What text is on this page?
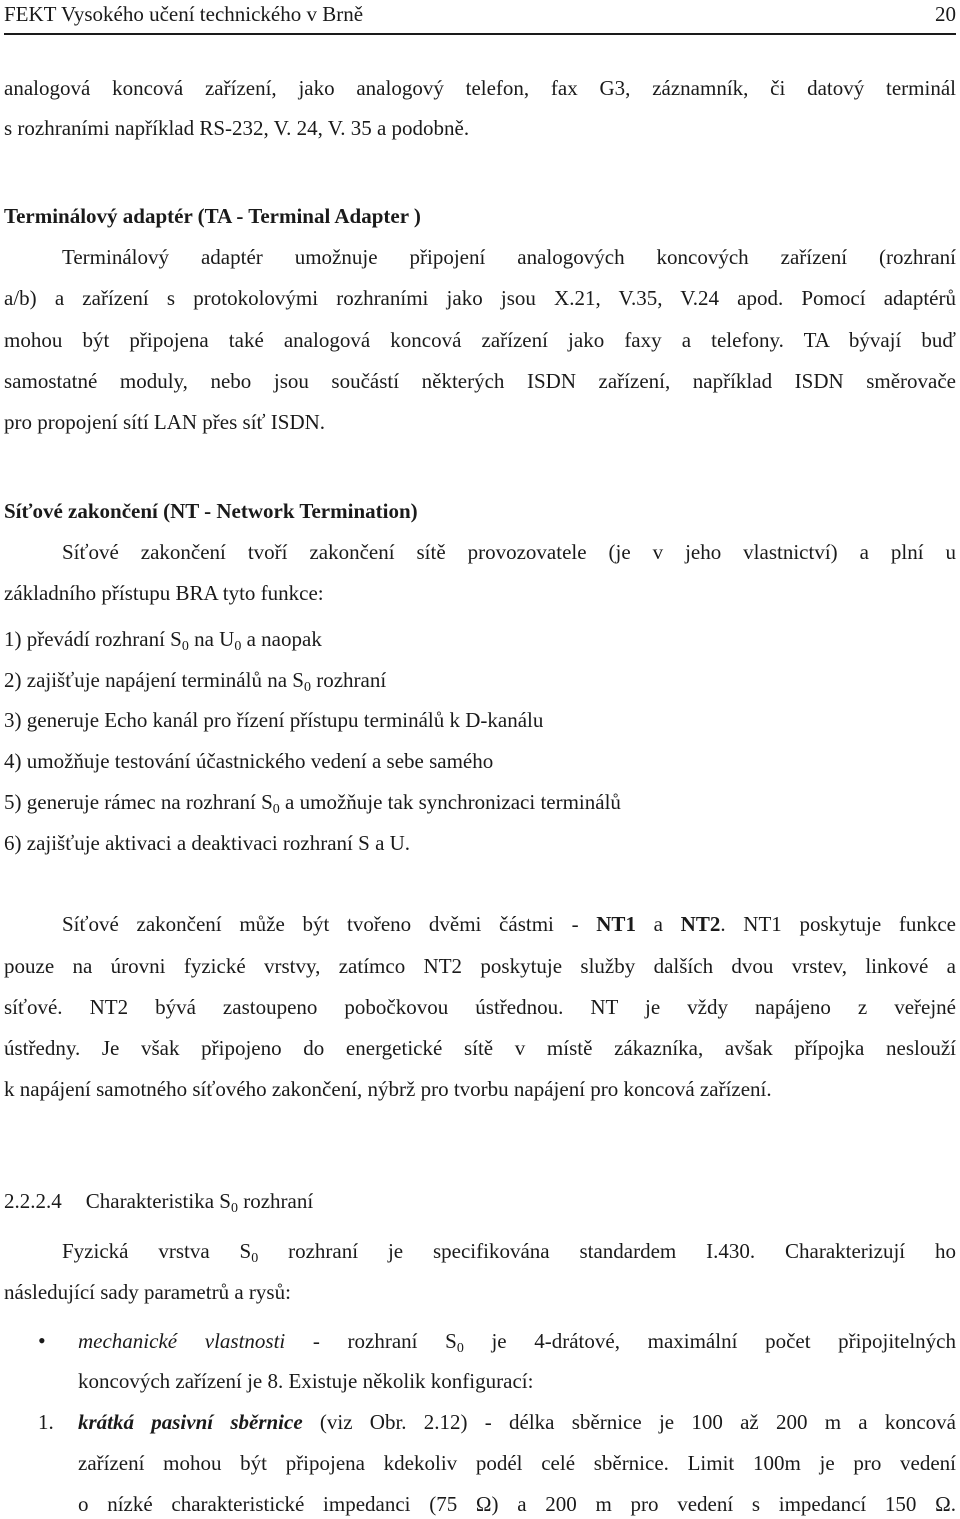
FEKT Vysokého učení technického v Brně	20
analogová koncová zařízení, jako analogový telefon, fax G3, záznamník, či datový terminál
s rozhraními například RS-232, V. 24, V. 35 a podobně.
Terminálový adaptér (TA - Terminal Adapter )
Terminálový adaptér umožnuje připojení analogových koncových zařízení (rozhraní
a/b) a zařízení s protokolovými rozhraními jako jsou X.21, V.35, V.24 apod. Pomocí adaptérů
mohou být připojena také analogová koncová zařízení jako faxy a telefony. TA bývají buď
samostatné moduly, nebo jsou součástí některých ISDN zařízení, například ISDN směrovače
pro propojení sítí LAN přes síť ISDN.
Síťové zakončení (NT - Network Termination)
Síťové zakončení tvoří zakončení sítě provozovatele (je v jeho vlastnictví) a plní u
základního přístupu BRA tyto funkce:
1) převádí rozhraní $S_0$ na $U_0$ a naopak
2) zajišťuje napájení terminálů na $S_0$ rozhraní
3) generuje Echo kanál pro řízení přístupu terminálů k D-kanálu
4) umožňuje testování účastnického vedení a sebe samého
5) generuje rámec na rozhraní $S_0$ a umožňuje tak synchronizaci terminálů
6) zajišťuje aktivaci a deaktivaci rozhraní S a U.
Síťové zakončení může být tvořeno dvěmi částmi - NT1 a NT2. NT1 poskytuje funkce
pouze na úrovni fyzické vrstvy, zatímco NT2 poskytuje služby dalších dvou vrstev, linkové a
síťové. NT2 bývá zastoupeno pobočkovou ústřednou. NT je vždy napájeno z veřejné
ústředny. Je však připojeno do energetické sítě v místě zákazníka, avšak přípojka neslouží
k napájení samotného síťového zakončení, nýbrž pro tvorbu napájení pro koncová zařízení.
2.2.2.4 Charakteristika $S_0$ rozhraní
Fyzická vrstva $S_0$ rozhraní je specifikována standardem I.430. Charakterizují ho
následující sady parametrů a rysů:
• mechanické vlastnosti - rozhraní $S_0$ je 4-drátové, maximální počet připojitelných
koncových zařízení je 8. Existuje několik konfigurací:
1. krátká pasivní sběrnice (viz Obr. 2.12) - délka sběrnice je 100 až 200 m a koncová
zařízení mohou být připojena kdekoliv podél celé sběrnice. Limit 100m je pro vedení
o nízké charakteristické impedanci (75 Ω) a 200 m pro vedení s impedancí 150 Ω.
